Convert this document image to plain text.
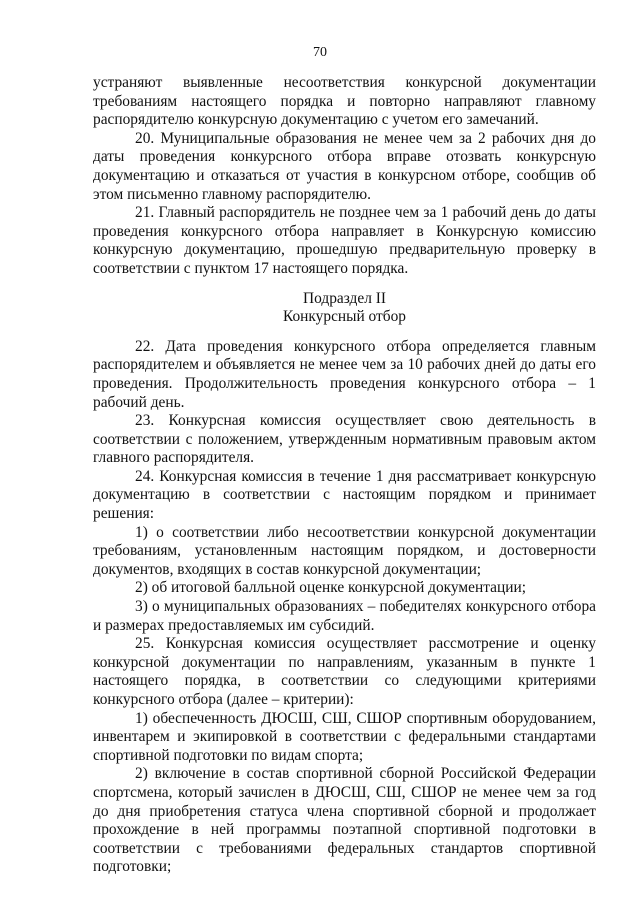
70

устраняют выявленные несоответствия конкурсной документации требованиям настоящего порядка и повторно направляют главному распорядителю конкурсную документацию с учетом его замечаний.

20. Муниципальные образования не менее чем за 2 рабочих дня до даты проведения конкурсного отбора вправе отозвать конкурсную документацию и отказаться от участия в конкурсном отборе, сообщив об этом письменно главному распорядителю.

21. Главный распорядитель не позднее чем за 1 рабочий день до даты проведения конкурсного отбора направляет в Конкурсную комиссию конкурсную документацию, прошедшую предварительную проверку в соответствии с пунктом 17 настоящего порядка.

Подраздел II

Конкурсный отбор

22. Дата проведения конкурсного отбора определяется главным распорядителем и объявляется не менее чем за 10 рабочих дней до даты его проведения. Продолжительность проведения конкурсного отбора – 1 рабочий день.

23. Конкурсная комиссия осуществляет свою деятельность в соответствии с положением, утвержденным нормативным правовым актом главного распорядителя.

24. Конкурсная комиссия в течение 1 дня рассматривает конкурсную документацию в соответствии с настоящим порядком и принимает решения:

1) о соответствии либо несоответствии конкурсной документации требованиям, установленным настоящим порядком, и достоверности документов, входящих в состав конкурсной документации;

2) об итоговой балльной оценке конкурсной документации;

3) о муниципальных образованиях – победителях конкурсного отбора и размерах предоставляемых им субсидий.

25. Конкурсная комиссия осуществляет рассмотрение и оценку конкурсной документации по направлениям, указанным в пункте 1 настоящего порядка, в соответствии со следующими критериями конкурсного отбора (далее – критерии):

1) обеспеченность ДЮСШ, СШ, СШОР спортивным оборудованием, инвентарем и экипировкой в соответствии с федеральными стандартами спортивной подготовки по видам спорта;

2) включение в состав спортивной сборной Российской Федерации спортсмена, который зачислен в ДЮСШ, СШ, СШОР не менее чем за год до дня приобретения статуса члена спортивной сборной и продолжает прохождение в ней программы поэтапной спортивной подготовки в соответствии с требованиями федеральных стандартов спортивной подготовки;
